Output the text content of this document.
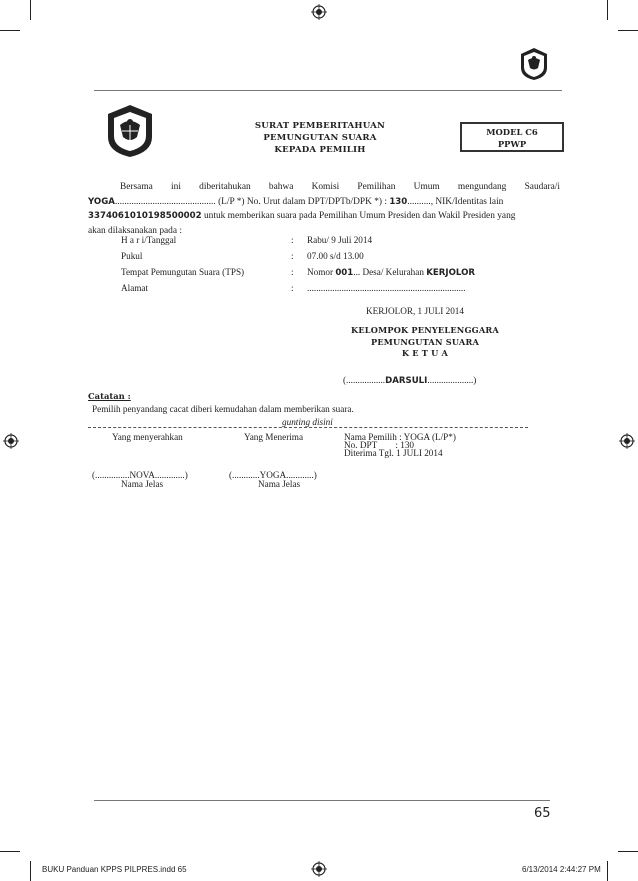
SURAT PEMBERITAHUAN
PEMUNGUTAN SUARA
KEPADA PEMILIH
MODEL C6
PPWP
Bersama ini diberitahukan bahwa Komisi Pemilihan Umum mengundang Saudara/i
YOGA........................................... (L/P *) No. Urut dalam DPT/DPTb/DPK *) : 130.........., NIK/Identitas lain
3374061010198500002 untuk memberikan suara pada Pemilihan Umum Presiden dan Wakil Presiden yang
akan dilaksanakan pada :
H a r i/Tanggal	: Rabu/ 9 Juli 2014
Pukul	: 07.00 s/d 13.00
Tempat Pemungutan Suara (TPS)	: Nomor 001... Desa/ Kelurahan KERJOLOR
Alamat	: .....................................................................
KERJOLOR, 1 JULI 2014
KELOMPOK PENYELENGGARA
PEMUNGUTAN SUARA
K E T U A
(.................DARSULI....................)
Catatan :
Pemilih penyandang cacat diberi kemudahan dalam memberikan suara.
gunting disini
Yang menyerahkan	Yang Menerima	Nama Pemilih : YOGA (L/P*)
No. DPT        : 130
Diterima Tgl. 1 JULI 2014
(...............NOVA.............)	(............YOGA............)
Nama Jelas	Nama Jelas
65
BUKU Panduan KPPS PILPRES.indd 65	6/13/2014 2:44:27 PM
